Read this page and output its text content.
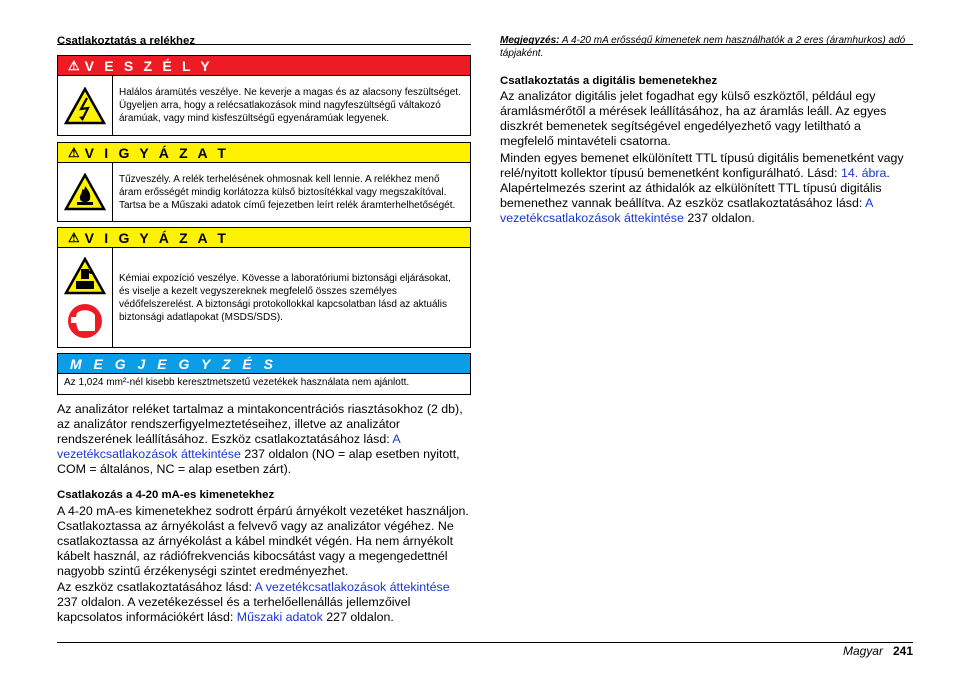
Csatlakoztatás a relékhez
⚠ V E S Z É L Y
Halálos áramütés veszélye. Ne keverje a magas és az alacsony feszültséget. Ügyeljen arra, hogy a relécsatlakozások mind nagyfeszültségű váltakozó áramúak, vagy mind kisfeszültségű egyenáramúak legyenek.
⚠ V I G Y Á Z A T
Tűzveszély. A relék terhelésének ohmosnak kell lennie. A relékhez menő áram erősségét mindig korlátozza külső biztosítékkal vagy megszakítóval. Tartsa be a Műszaki adatok című fejezetben leírt relék áramterhelhetőségét.
⚠ V I G Y Á Z A T
Kémiai expozíció veszélye. Kövesse a laboratóriumi biztonsági eljárásokat, és viselje a kezelt vegyszereknek megfelelő összes személyes védőfelszerelést. A biztonsági protokollokkal kapcsolatban lásd az aktuális biztonsági adatlapokat (MSDS/SDS).
M E G J E G Y Z É S
Az 1,024 mm²-nél kisebb keresztmetszetű vezetékek használata nem ajánlott.

Az analizátor reléket tartalmaz a mintakoncentrációs riasztásokhoz (2 db), az analizátor rendszerfigyelmeztetéseihez, illetve az analizátor rendszerének leállításához. Eszköz csatlakoztatásához lásd: A vezetékcsatlakozások áttekintése 237 oldalon (NO = alap esetben nyitott, COM = általános, NC = alap esetben zárt).

Csatlakozás a 4-20 mA-es kimenetekhez

A 4-20 mA-es kimenetekhez sodrott érpárú árnyékolt vezetéket használjon. Csatlakoztassa az árnyékolást a felvevő vagy az analizátor végéhez. Ne csatlakoztassa az árnyékolást a kábel mindkét végén. Ha nem árnyékolt kábelt használ, az rádiófrekvenciás kibocsátást vagy a megengedettnél nagyobb szintű érzékenységi szintet eredményezhet.

Az eszköz csatlakoztatásához lásd: A vezetékcsatlakozások áttekintése 237 oldalon. A vezetékezéssel és a terhelőellenállás jellemzőivel kapcsolatos információkért lásd: Műszaki adatok 227 oldalon.

Megjegyzés: A 4-20 mA erősségű kimenetek nem használhatók a 2 eres (áramhurkos) adó tápjaként.

Csatlakoztatás a digitális bemenetekhez

Az analizátor digitális jelet fogadhat egy külső eszköztől, például egy áramlásmérőtől a mérések leállításához, ha az áramlás leáll. Az egyes diszkrét bemenetek segítségével engedélyezhető vagy letiltható a megfelelő mintavételi csatorna.

Minden egyes bemenet elkülönített TTL típusú digitális bemenetként vagy relé/nyitott kollektor típusú bemenetként konfigurálható. Lásd: 14. ábra. Alapértelmezés szerint az áthidalók az elkülönített TTL típusú digitális bemenethez vannak beállítva. Az eszköz csatlakoztatásához lásd: A vezetékcsatlakozások áttekintése 237 oldalon.

Magyar 241
